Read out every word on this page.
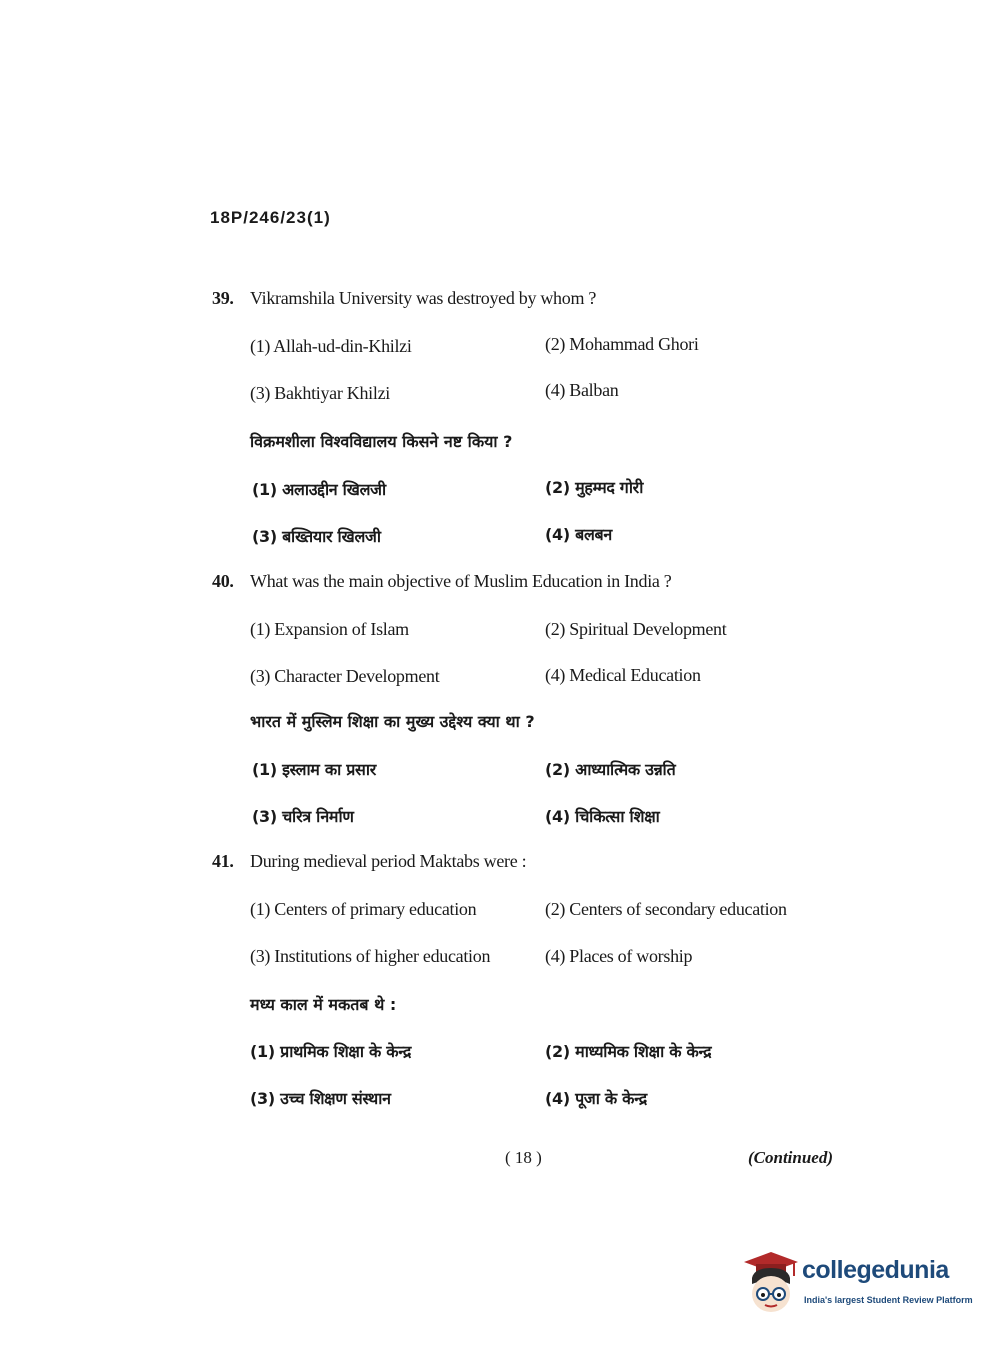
18P/246/23(1)
39. Vikramshila University was destroyed by whom ?
(1) Allah-ud-din-Khilzi	(2) Mohammad Ghori
(3) Bakhtiyar Khilzi	(4) Balban
विक्रमशीला विश्वविद्यालय किसने नष्ट किया ?
(1) अलाउद्दीन खिलजी	(2) मुहम्मद गोरी
(3) बख्तियार खिलजी	(4) बलबन
40. What was the main objective of Muslim Education in India ?
(1) Expansion of Islam	(2) Spiritual Development
(3) Character Development	(4) Medical Education
भारत में मुस्लिम शिक्षा का मुख्य उद्देश्य क्या था ?
(1) इस्लाम का प्रसार	(2) आध्यात्मिक उन्नति
(3) चरित्र निर्माण	(4) चिकित्सा शिक्षा
41. During medieval period Maktabs were :
(1) Centers of primary education	(2) Centers of secondary education
(3) Institutions of higher education	(4) Places of worship
मध्य काल में मकतब थे :
(1) प्राथमिक शिक्षा के केन्द्र	(2) माध्यमिक शिक्षा के केन्द्र
(3) उच्च शिक्षण संस्थान	(4) पूजा के केन्द्र
( 18 )	(Continued)
collegedunia
India's largest Student Review Platform
